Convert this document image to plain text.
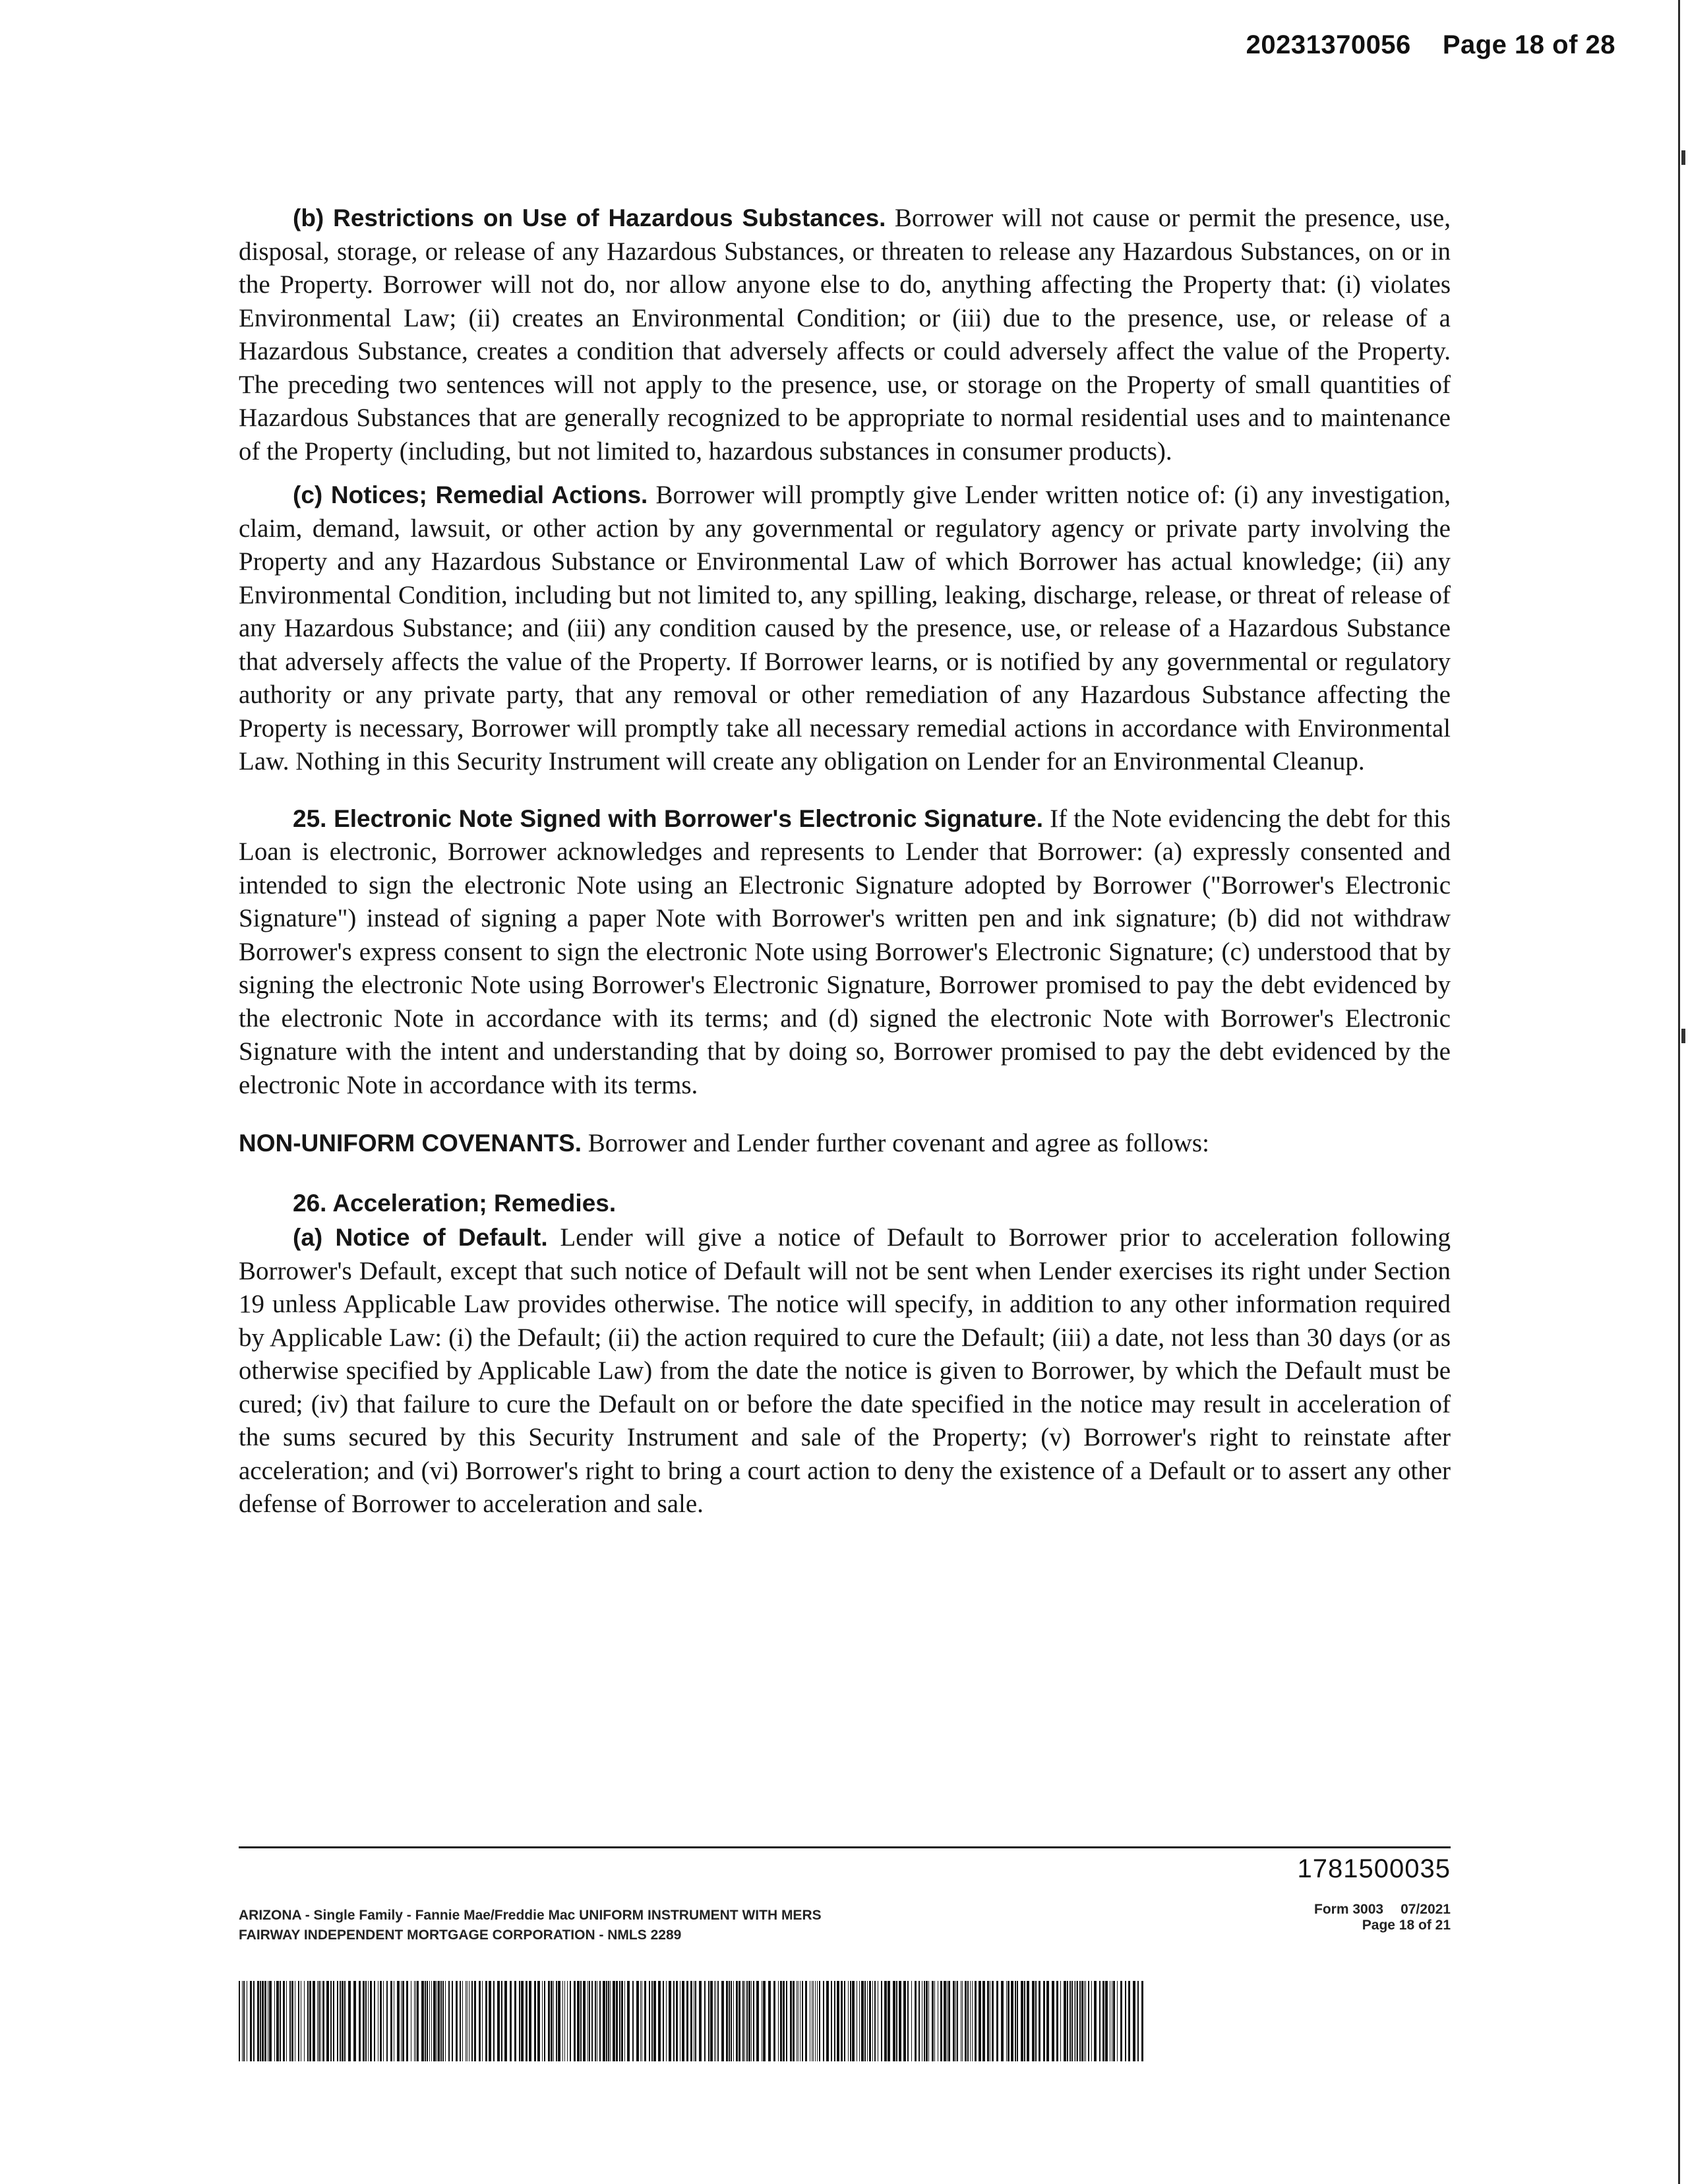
20231370056 Page 18 of 28

(b) Restrictions on Use of Hazardous Substances. Borrower will not cause or permit the presence, use, disposal, storage, or release of any Hazardous Substances, or threaten to release any Hazardous Substances, on or in the Property. Borrower will not do, nor allow anyone else to do, anything affecting the Property that: (i) violates Environmental Law; (ii) creates an Environmental Condition; or (iii) due to the presence, use, or release of a Hazardous Substance, creates a condition that adversely affects or could adversely affect the value of the Property. The preceding two sentences will not apply to the presence, use, or storage on the Property of small quantities of Hazardous Substances that are generally recognized to be appropriate to normal residential uses and to maintenance of the Property (including, but not limited to, hazardous substances in consumer products).

(c) Notices; Remedial Actions. Borrower will promptly give Lender written notice of: (i) any investigation, claim, demand, lawsuit, or other action by any governmental or regulatory agency or private party involving the Property and any Hazardous Substance or Environmental Law of which Borrower has actual knowledge; (ii) any Environmental Condition, including but not limited to, any spilling, leaking, discharge, release, or threat of release of any Hazardous Substance; and (iii) any condition caused by the presence, use, or release of a Hazardous Substance that adversely affects the value of the Property. If Borrower learns, or is notified by any governmental or regulatory authority or any private party, that any removal or other remediation of any Hazardous Substance affecting the Property is necessary, Borrower will promptly take all necessary remedial actions in accordance with Environmental Law. Nothing in this Security Instrument will create any obligation on Lender for an Environmental Cleanup.

25. Electronic Note Signed with Borrower's Electronic Signature. If the Note evidencing the debt for this Loan is electronic, Borrower acknowledges and represents to Lender that Borrower: (a) expressly consented and intended to sign the electronic Note using an Electronic Signature adopted by Borrower ("Borrower's Electronic Signature") instead of signing a paper Note with Borrower's written pen and ink signature; (b) did not withdraw Borrower's express consent to sign the electronic Note using Borrower's Electronic Signature; (c) understood that by signing the electronic Note using Borrower's Electronic Signature, Borrower promised to pay the debt evidenced by the electronic Note in accordance with its terms; and (d) signed the electronic Note with Borrower's Electronic Signature with the intent and understanding that by doing so, Borrower promised to pay the debt evidenced by the electronic Note in accordance with its terms.

NON-UNIFORM COVENANTS. Borrower and Lender further covenant and agree as follows:

26. Acceleration; Remedies.

(a) Notice of Default. Lender will give a notice of Default to Borrower prior to acceleration following Borrower's Default, except that such notice of Default will not be sent when Lender exercises its right under Section 19 unless Applicable Law provides otherwise. The notice will specify, in addition to any other information required by Applicable Law: (i) the Default; (ii) the action required to cure the Default; (iii) a date, not less than 30 days (or as otherwise specified by Applicable Law) from the date the notice is given to Borrower, by which the Default must be cured; (iv) that failure to cure the Default on or before the date specified in the notice may result in acceleration of the sums secured by this Security Instrument and sale of the Property; (v) Borrower's right to reinstate after acceleration; and (vi) Borrower's right to bring a court action to deny the existence of a Default or to assert any other defense of Borrower to acceleration and sale.

1781500035
ARIZONA - Single Family - Fannie Mae/Freddie Mac UNIFORM INSTRUMENT WITH MERS
FAIRWAY INDEPENDENT MORTGAGE CORPORATION - NMLS 2289
Form 3003 07/2021
Page 18 of 21
